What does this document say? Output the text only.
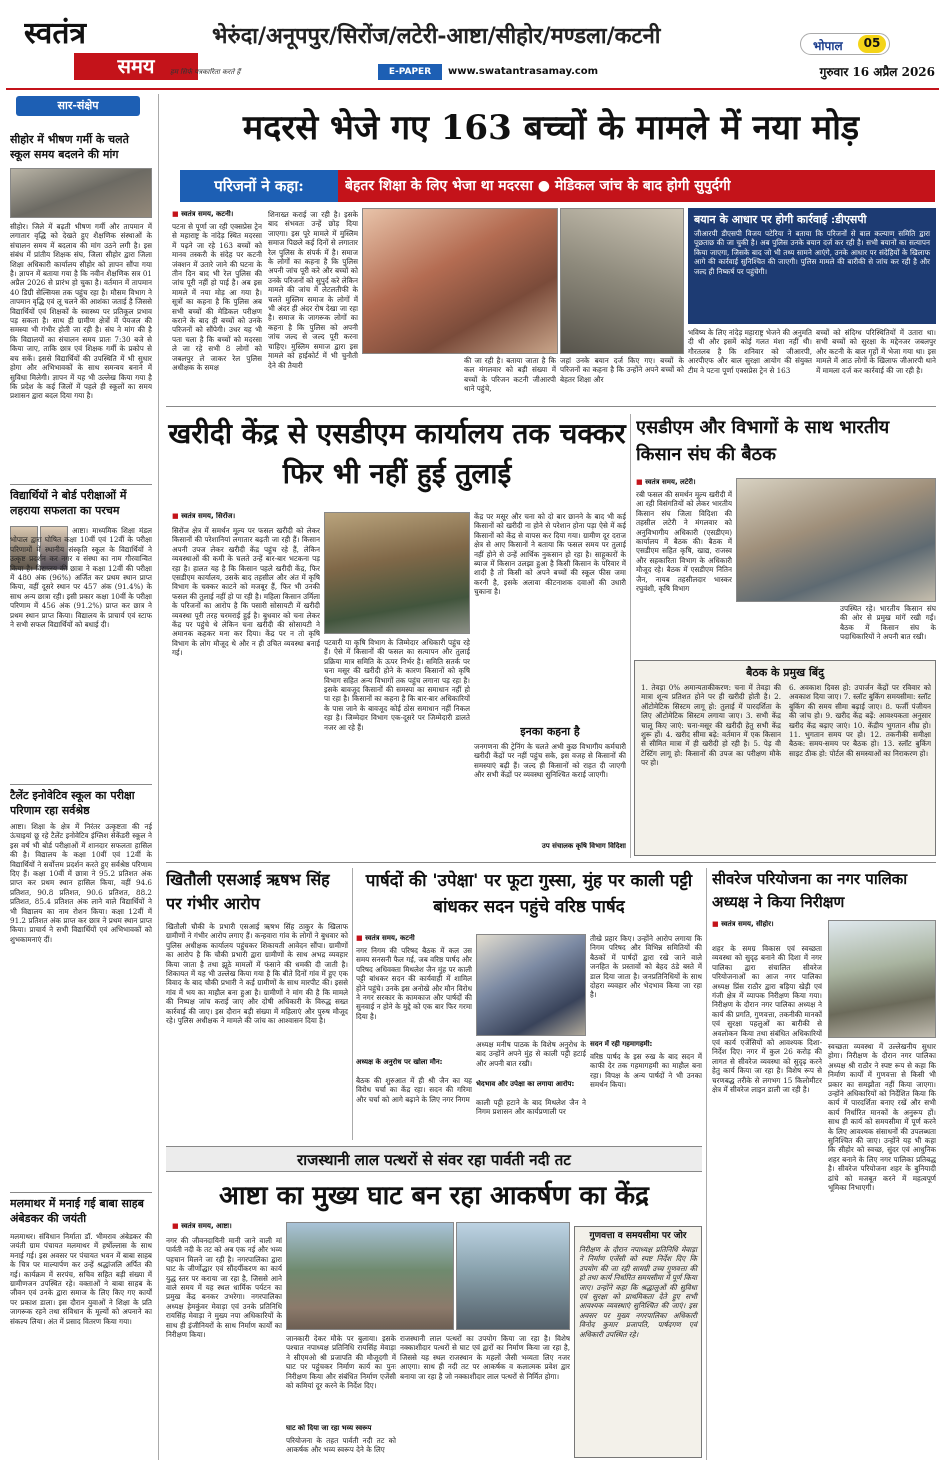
स्वतंत्र
समय
भेरुंदा/अनूपपुर/सिरोंज/लटेरी-आष्टा/सीहोर/मण्डला/कटनी	भोपाल	05
हम सिर्फ पत्रकारिता करते हैं	E-PAPER	www.swatantrasamay.com	गुरुवार 16 अप्रैल 2026
सार-संक्षेप
सीहोर में भीषण गर्मी के चलते स्कूल समय बदलने की मांग
सीहोर। जिले में बढ़ती भीषण गर्मी और तापमान में लगातार वृद्धि को देखते हुए शैक्षणिक संस्थाओं के संचालन समय में बदलाव की मांग उठने लगी है। इस संबंध में प्रांतीय शिक्षक संघ, जिला सीहोर द्वारा जिला शिक्षा अधिकारी कार्यालय सीहोर को ज्ञापन सौंपा गया है। ज्ञापन में बताया गया है कि नवीन शैक्षणिक सत्र 01 अप्रैल 2026 से प्रारंभ हो चुका है। वर्तमान में तापमान 40 डिग्री सेल्सियस तक पहुंच रहा है। मौसम विभाग ने तापमान वृद्धि एवं लू चलने की आशंका जताई है जिससे विद्यार्थियों एवं शिक्षकों के स्वास्थ्य पर प्रतिकूल प्रभाव पड़ सकता है। साथ ही ग्रामीण क्षेत्रों में पेयजल की समस्या भी गंभीर होती जा रही है। संघ ने मांग की है कि विद्यालयों का संचालन समय प्रातः 7:30 बजे से किया जाए, ताकि छात्र एवं शिक्षक गर्मी के प्रकोप से बच सकें। इससे विद्यार्थियों की उपस्थिति में भी सुधार होगा और अभिभावकों के साथ समन्वय बनाने में सुविधा मिलेगी। ज्ञापन में यह भी उल्लेख किया गया है कि प्रदेश के कई जिलों में पहले ही स्कूलों का समय प्रशासन द्वारा बदल दिया गया है।
विद्यार्थियों ने बोर्ड परीक्षाओं में लहराया सफलता का परचम
आष्टा। माध्यमिक शिक्षा मंडल भोपाल द्वारा घोषित कक्षा 10वीं एवं 12वीं के परीक्षा परिणामों में स्थानीय संस्कृति स्कूल के विद्यार्थियों ने उत्कृष्ट प्रदर्शन कर नगर व संस्था का नाम गौरवान्वित किया है। विद्यालय की छात्रा ने कक्षा 12वीं की परीक्षा में 480 अंक (96%) अर्जित कर प्रथम स्थान प्राप्त किया, वहीं दूसरे स्थान पर 457 अंक (91.4%) के साथ अन्य छात्रा रही। इसी प्रकार कक्षा 10वीं के परीक्षा परिणाम में 456 अंक (91.2%) प्राप्त कर छात्र ने प्रथम स्थान प्राप्त किया। विद्यालय के प्राचार्य एवं स्टाफ ने सभी सफल विद्यार्थियों को बधाई दी।
टैलेंट इनोवेटिव स्कूल का परीक्षा परिणाम रहा सर्वश्रेष्ठ
आष्टा। शिक्षा के क्षेत्र में निरंतर उत्कृष्टता की नई ऊंचाइयां छू रहे टैलेंट इनोवेटिव इंग्लिश सेकेंडरी स्कूल ने इस वर्ष भी बोर्ड परीक्षाओं में शानदार सफलता हासिल की है। विद्यालय के कक्षा 10वीं एवं 12वीं के विद्यार्थियों ने सर्वोत्तम प्रदर्शन करते हुए सर्वश्रेष्ठ परिणाम दिए हैं। कक्षा 10वीं में छात्रा ने 95.2 प्रतिशत अंक प्राप्त कर प्रथम स्थान हासिल किया, वहीं 94.6 प्रतिशत, 90.8 प्रतिशत, 90.6 प्रतिशत, 88.2 प्रतिशत, 85.4 प्रतिशत अंक लाने वाले विद्यार्थियों ने भी विद्यालय का नाम रोशन किया। कक्षा 12वीं में 91.2 प्रतिशत अंक प्राप्त कर छात्र ने प्रथम स्थान प्राप्त किया। प्राचार्य ने सभी विद्यार्थियों एवं अभिभावकों को शुभकामनाएं दीं।
मलमाथर में मनाई गई बाबा साहब अंबेडकर की जयंती
मलमाथर। संविधान निर्माता डॉ. भीमराव अंबेडकर की जयंती ग्राम पंचायत मलमाथर में हर्षोल्लास के साथ मनाई गई। इस अवसर पर पंचायत भवन में बाबा साहब के चित्र पर माल्यार्पण कर उन्हें श्रद्धांजलि अर्पित की गई। कार्यक्रम में सरपंच, सचिव सहित बड़ी संख्या में ग्रामीणजन उपस्थित रहे। वक्ताओं ने बाबा साहब के जीवन एवं उनके द्वारा समाज के लिए किए गए कार्यों पर प्रकाश डाला। इस दौरान युवाओं ने शिक्षा के प्रति जागरूक रहने तथा संविधान के मूल्यों को अपनाने का संकल्प लिया। अंत में प्रसाद वितरण किया गया।
मदरसे भेजे गए 163 बच्चों के मामले में नया मोड़
परिजनों ने कहा:	बेहतर शिक्षा के लिए भेजा था मदरसा ● मेडिकल जांच के बाद होगी सुपुर्दगी
■ स्वतंत्र समय, कटनी।
पटना से पूर्णा जा रही एक्सप्रेस ट्रेन से महाराष्ट्र के नांदेड़ स्थित मदरसा में पढ़ने जा रहे 163 बच्चों को मानव तस्करी के संदेह पर कटनी जंक्शन में उतारे जाने की घटना के तीन दिन बाद भी रेल पुलिस की जांच पूरी नहीं हो पाई है। अब इस मामले में नया मोड़ आ गया है। सूत्रों का कहना है कि पुलिस अब सभी बच्चों की मेडिकल परीक्षण कराने के बाद ही बच्चों को उनके परिजनों को सौंपेगी। उधर यह भी पता चला है कि बच्चों को मदरसा ले जा रहे सभी 8 लोगों को जबलपुर ले जाकर रेल पुलिस अधीक्षक के समक्ष
शिनाख्त कराई जा रही है। इसके बाद संभवतः उन्हें छोड़ दिया जाएगा। इस पूरे मामले में मुस्लिम समाज पिछले कई दिनों से लगातार रेल पुलिस के संपर्क में है। समाज के लोगों का कहना है कि पुलिस अपनी जांच पूरी करे और बच्चों को उनके परिजनों को सुपुर्द करे लेकिन मामले की जांच में लेटलतीफी के चलते मुस्लिम समाज के लोगों में भी अंदर ही अंदर रोष देखा जा रहा है। समाज के जागरूक लोगों का कहना है कि पुलिस को अपनी जांच जल्द से जल्द पूरी करना चाहिए। मुस्लिम समाज द्वारा इस मामले को हाईकोर्ट में भी चुनौती देने की तैयारी	की जा रही है। बताया जाता है कि कल मंगलवार को बड़ी संख्या में बच्चों के परिजन कटनी जीआरपी थाने पहुंचे,
जहां उनके बयान दर्ज किए गए। बच्चों के परिजनों का कहना है कि उन्होंने अपने बच्चों को बेहतर शिक्षा और
बयान के आधार पर होगी कार्रवाई :डीएसपी
जीआरपी डीएसपी विजय पटेरिया ने बताया कि परिजनों से बाल कल्याण समिति द्वारा पूछताछ की जा चुकी है। अब पुलिस उनके बयान दर्ज कर रही है। सभी बयानों का सत्यापन किया जाएगा, जिसके बाद जो भी तथ्य सामने आएंगे, उनके आधार पर संदेहियों के खिलाफ आगे की कार्रवाई सुनिश्चित की जाएगी। पुलिस मामले की बारीकी से जांच कर रही है और जल्द ही निष्कर्ष पर पहुंचेगी।
भविष्य के लिए नांदेड़ महाराष्ट्र भेजने की अनुमति दी थी और इसमें कोई गलत मंशा नहीं थी। गौरतलब है कि शनिवार को जीआरपी, आरपीएफ और बाल सुरक्षा आयोग की संयुक्त टीम ने पटना पूर्णा एक्सप्रेस ट्रेन से 163
बच्चों को संदिग्ध परिस्थितियों में उतारा था। सभी बच्चों को सुरक्षा के मद्देनजर जबलपुर और कटनी के बाल गृहों में भेजा गया था। इस मामले में आठ लोगों के खिलाफ जीआरपी थाने में मामला दर्ज कर कार्रवाई की जा रही है।
खरीदी केंद्र से एसडीएम कार्यालय तक चक्कर फिर भी नहीं हुई तुलाई
■ स्वतंत्र समय, सिरोंज।
सिरोंज क्षेत्र में समर्थन मूल्य पर फसल खरीदी को लेकर किसानों की परेशानियां लगातार बढ़ती जा रही हैं। किसान अपनी उपज लेकर खरीदी केंद्र पहुंच रहे हैं, लेकिन व्यवस्थाओं की कमी के चलते उन्हें बार-बार भटकना पड़ रहा है। हालत यह है कि किसान पहले खरीदी केंद्र, फिर एसडीएम कार्यालय, उसके बाद तहसील और अंत में कृषि विभाग के चक्कर काटने को मजबूर हैं, फिर भी उनकी फसल की तुलाई नहीं हो पा रही है। महिला किसान उर्मिला के परिजनों का आरोप है कि पसारी सोसायटी में खरीदी व्यवस्था पूरी तरह चरमराई हुई है। बुधवार को चना लेकर केंद्र पर पहुंचे थे लेकिन चना खरीदी की सोसायटी ने अमानक कहकर मना कर दिया। केंद्र पर न तो कृषि विभाग के लोग मौजूद थे और न ही उचित व्यवस्था बनाई गई।
पटवारी या कृषि विभाग के जिम्मेदार अधिकारी पहुंच रहे हैं। ऐसे में किसानों की फसल का सत्यापन और तुलाई प्रक्रिया मात्र समिति के ऊपर निर्भर है। समिति सतर्क पर चना मसूर की खरीदी होने के कारण किसानों को कृषि विभाग सहित अन्य विभागों तक पहुंच लगाना पड़ रहा है। इसके बावजूद किसानों की समस्या का समाधान नहीं हो पा रहा है। किसानों का कहना है कि बार-बार अधिकारियों के पास जाने के बावजूद कोई ठोस समाधान नहीं निकल रहा है। जिम्मेदार विभाग एक-दूसरे पर जिम्मेदारी डालते नजर आ रहे हैं।
केंद्र पर मसूर और चना को दो बार छानने के बाद भी कई किसानों को खरीदी ना होने से परेशान होना पड़ा ऐसे में कई किसानों को केंद्र से वापस कर दिया गया। ग्रामीण दूर दराज क्षेत्र से आए किसानों ने बताया कि फसल समय पर तुलाई नहीं होने से उन्हें आर्थिक नुकसान हो रहा है। साहूकारों के ब्याज में किसान उलझा हुआ है किसी किसान के परिवार में शादी है तो किसी को अपने बच्चों की स्कूल फीस जमा करनी है, इसके अलावा कीटनाशक दवाओं की उधारी चुकाना है।
इनका कहना है
जनगणना की ट्रेनिंग के चलते अभी कुछ विभागीय कर्मचारी खरीदी केंद्रों पर नहीं पहुंच सके, इस वजह से किसानों की समस्याएं बढ़ी हैं। जल्द ही किसानों को राहत दी जाएगी और सभी केंद्रों पर व्यवस्था सुनिश्चित कराई जाएगी।
उप संचालक कृषि विभाग विदिशा
एसडीएम और विभागों के साथ भारतीय किसान संघ की बैठक
■ स्वतंत्र समय, लटेरी।
रबी फसल की समर्थन मूल्य खरीदी में आ रही विसंगतियों को लेकर भारतीय किसान संघ जिला विदिशा की तहसील लटेरी ने मंगलवार को अनुविभागीय अधिकारी (एसडीएम) कार्यालय में बैठक की। बैठक में एसडीएम सहित कृषि, खाद्य, राजस्व और सहकारिता विभाग के अधिकारी मौजूद रहे। बैठक में एसडीएम नितिन जैन, नायब तहसीलदार भास्कर रघुवंशी, कृषि विभाग
उपस्थित रहे। भारतीय किसान संघ की ओर से प्रमुख मांगें रखी गईं। बैठक में किसान संघ के पदाधिकारियों ने अपनी बात रखी।
बैठक के प्रमुख बिंदु
1. तेवड़ा 0% अमान्यताकीकरण: चना में तेवड़ा की मात्रा शून्य प्रतिशत होने पर ही खरीदी होती है। 2. ऑटोमेटिक सिस्टम लागू हो: तुलाई में पारदर्शिता के लिए ऑटोमेटिक सिस्टम लगाया जाए। 3. सभी केंद्र चालू किए जाएं: चना-मसूर की खरीदी हेतु सभी केंद्र शुरू हों। 4. खरीद सीमा बढ़े: वर्तमान में एक किसान से सीमित मात्रा में ही खरीदी हो रही है। 5. पेड़ वी टेस्टिंग लागू हो: किसानों की उपज का परीक्षण मौके पर हो।
6. अवकाश दिवस हो: उपार्जन केंद्रों पर रविवार को अवकाश दिया जाए। 7. स्लॉट बुकिंग समयसीमा: स्लॉट बुकिंग की समय सीमा बढ़ाई जाए। 8. फर्जी पंजीयन की जांच हो। 9. खरीद केंद्र बढ़ें: आवश्यकता अनुसार खरीद केंद्र बढ़ाए जाएं। 10. केंद्रीय भुगतान शीघ्र हो। 11. भुगतान समय पर हो। 12. तकनीकी समीक्षा बैठक: समय-समय पर बैठक हो। 13. स्लॉट बुकिंग साइट ठीक हो: पोर्टल की समस्याओं का निराकरण हो।
खितौली एसआई ऋषभ सिंह पर गंभीर आरोप
खितौली चौकी के प्रभारी एसआई ऋषभ सिंह ठाकुर के खिलाफ ग्रामीणों ने गंभीर आरोप लगाए हैं। कन्हवारा गांव के लोगों ने बुधवार को पुलिस अधीक्षक कार्यालय पहुंचकर शिकायती आवेदन सौंपा। ग्रामीणों का आरोप है कि चौकी प्रभारी द्वारा ग्रामीणों के साथ अभद्र व्यवहार किया जाता है तथा झूठे मामलों में फंसाने की धमकी दी जाती है। शिकायत में यह भी उल्लेख किया गया है कि बीते दिनों गांव में हुए एक विवाद के बाद चौकी प्रभारी ने कई ग्रामीणों के साथ मारपीट की। इससे गांव में भय का माहौल बना हुआ है। ग्रामीणों ने मांग की है कि मामले की निष्पक्ष जांच कराई जाए और दोषी अधिकारी के विरुद्ध सख्त कार्रवाई की जाए। इस दौरान बड़ी संख्या में महिलाएं और पुरुष मौजूद रहे। पुलिस अधीक्षक ने मामले की जांच का आश्वासन दिया है।
पार्षदों की 'उपेक्षा' पर फूटा गुस्सा, मुंह पर काली पट्टी बांधकर सदन पहुंचे वरिष्ठ पार्षद
■ स्वतंत्र समय, कटनी
नगर निगम की परिषद बैठक में कल उस समय सनसनी फैल गई, जब वरिष्ठ पार्षद और परिषद अधिवक्ता मिथलेश जैन मुंह पर काली पट्टी बांधकर सदन की कार्यवाही में शामिल होने पहुंचे। उनके इस अनोखे और मौन विरोध ने नगर सरकार के कामकाज और पार्षदों की सुनवाई न होने के मुद्दे को एक बार फिर गरमा दिया है।
अध्यक्ष के अनुरोध पर खोला मौन:
बैठक की शुरुआत में ही श्री जैन का यह विरोध चर्चा का केंद्र रहा। सदन की गरिमा और चर्चा को आगे बढ़ाने के लिए नगर निगम
अध्यक्ष मनीष पाठक के विशेष अनुरोध के बाद उन्होंने अपने मुंह से काली पट्टी हटाई और अपनी बात रखी।
भेदभाव और उपेक्षा का लगाया आरोप:
काली पट्टी हटाने के बाद मिथलेश जैन ने निगम प्रशासन और कार्यप्रणाली पर
तीखे प्रहार किए। उन्होंने आरोप लगाया कि निगम परिषद और विभिन्न समितियों की बैठकों में पार्षदों द्वारा रखे जाने वाले जनहित के प्रस्तावों को बेहद ठंडे बस्ते में डाल दिया जाता है। जनप्रतिनिधियों के साथ दोहरा व्यवहार और भेदभाव किया जा रहा है।
सदन में रही गहमागहमी:
वरिष्ठ पार्षद के इस रुख के बाद सदन में काफी देर तक गहमागहमी का माहौल बना रहा। विपक्ष के अन्य पार्षदों ने भी उनका समर्थन किया।
सीवरेज परियोजना का नगर पालिका अध्यक्ष ने किया निरीक्षण
■ स्वतंत्र समय, सीहोर।
शहर के समग्र विकास एवं स्वच्छता व्यवस्था को सुदृढ़ बनाने की दिशा में नगर पालिका द्वारा संचालित सीवरेज परियोजनाओं का आज नगर पालिका अध्यक्ष प्रिंस राठौर द्वारा बड़िया खेड़ी एवं गंजी क्षेत्र में व्यापक निरीक्षण किया गया। निरीक्षण के दौरान नगर पालिका अध्यक्ष ने कार्य की प्रगति, गुणवत्ता, तकनीकी मानकों एवं सुरक्षा पहलुओं का बारीकी से अवलोकन किया तथा संबंधित अधिकारियों एवं कार्य एजेंसियों को आवश्यक दिशा-निर्देश दिए। नगर में कुल 26 करोड़ की लागत से सीवरेज व्यवस्था को सुदृढ़ करने हेतु कार्य किया जा रहा है। विशेष रूप से चरणबद्ध तरीके से लगभग 15 किलोमीटर क्षेत्र में सीवरेज लाइन डाली जा रही है।
स्वच्छता व्यवस्था में उल्लेखनीय सुधार होगा। निरीक्षण के दौरान नगर पालिका अध्यक्ष श्री राठौर ने स्पष्ट रूप से कहा कि निर्माण कार्यों में गुणवत्ता से किसी भी प्रकार का समझौता नहीं किया जाएगा। उन्होंने अधिकारियों को निर्देशित किया कि कार्य में पारदर्शिता बनाए रखें और सभी कार्य निर्धारित मानकों के अनुरूप हों। साथ ही कार्य को समयसीमा में पूर्ण करने के लिए आवश्यक संसाधनों की उपलब्धता सुनिश्चित की जाए। उन्होंने यह भी कहा कि सीहोर को स्वच्छ, सुंदर एवं आधुनिक शहर बनाने के लिए नगर पालिका प्रतिबद्ध है। सीवरेज परियोजना शहर के बुनियादी ढांचे को मजबूत करने में महत्वपूर्ण भूमिका निभाएगी।
राजस्थानी लाल पत्थरों से संवर रहा पार्वती नदी तट
आष्टा का मुख्य घाट बन रहा आकर्षण का केंद्र
■ स्वतंत्र समय, आष्टा।
नगर की जीवनदायिनी मानी जाने वाली मां पार्वती नदी के तट को अब एक नई और भव्य पहचान मिलने जा रही है। नगरपालिका द्वारा घाट के जीर्णोद्धार एवं सौंदर्यीकरण का कार्य युद्ध स्तर पर कराया जा रहा है, जिससे आने वाले समय में यह स्थल धार्मिक पर्यटन का प्रमुख केंद्र बनकर उभरेगा। नगरपालिका अध्यक्ष हेमकुंवर मेवाड़ा एवं उनके प्रतिनिधि रायसिंह मेवाड़ा ने मुख्य नपा अधिकारियों के साथ ही इंजीनियरों के साथ निर्माण कार्यों का निरीक्षण किया।	जानकारी देकर मौके पर बुलाया। इसके पश्चात नपाध्यक्ष प्रतिनिधि रायसिंह मेवाड़ा ने सीएमओ श्री प्रजापति की मौजूदगी में घाट पर पहुंचकर निर्माण कार्य का पुनः निरीक्षण किया और संबंधित निर्माण एजेंसी को कमियां दूर करने के निर्देश दिए।
घाट को दिया जा रहा भव्य स्वरूप
परियोजना के तहत पार्वती नदी तट को आकर्षक और भव्य स्वरूप देने के लिए
राजस्थानी लाल पत्थरों का उपयोग किया जा रहा है। विशेष नक्काशीदार पत्थरों से घाट एवं द्वारों का निर्माण किया जा रहा है, जिससे यह स्थल राजस्थान के महलों जैसी भव्यता लिए नजर आएगा। साथ ही नदी तट पर आकर्षक व कलात्मक प्रवेश द्वार बनाया जा रहा है जो नक्काशीदार लाल पत्थरों से निर्मित होगा।
गुणवत्ता व समयसीमा पर जोर
निरीक्षण के दौरान नपाध्यक्ष प्रतिनिधि मेवाड़ा ने निर्माण एजेंसी को स्पष्ट निर्देश दिए कि उपयोग की जा रही सामग्री उच्च गुणवत्ता की हो तथा कार्य निर्धारित समयसीमा में पूर्ण किया जाए। उन्होंने कहा कि श्रद्धालुओं की सुविधा एवं सुरक्षा को प्राथमिकता देते हुए सभी आवश्यक व्यवस्थाएं सुनिश्चित की जाएं। इस अवसर पर मुख्य नगरपालिका अधिकारी विनोद कुमार प्रजापति, पार्षदगण एवं अधिकारी उपस्थित रहे।
